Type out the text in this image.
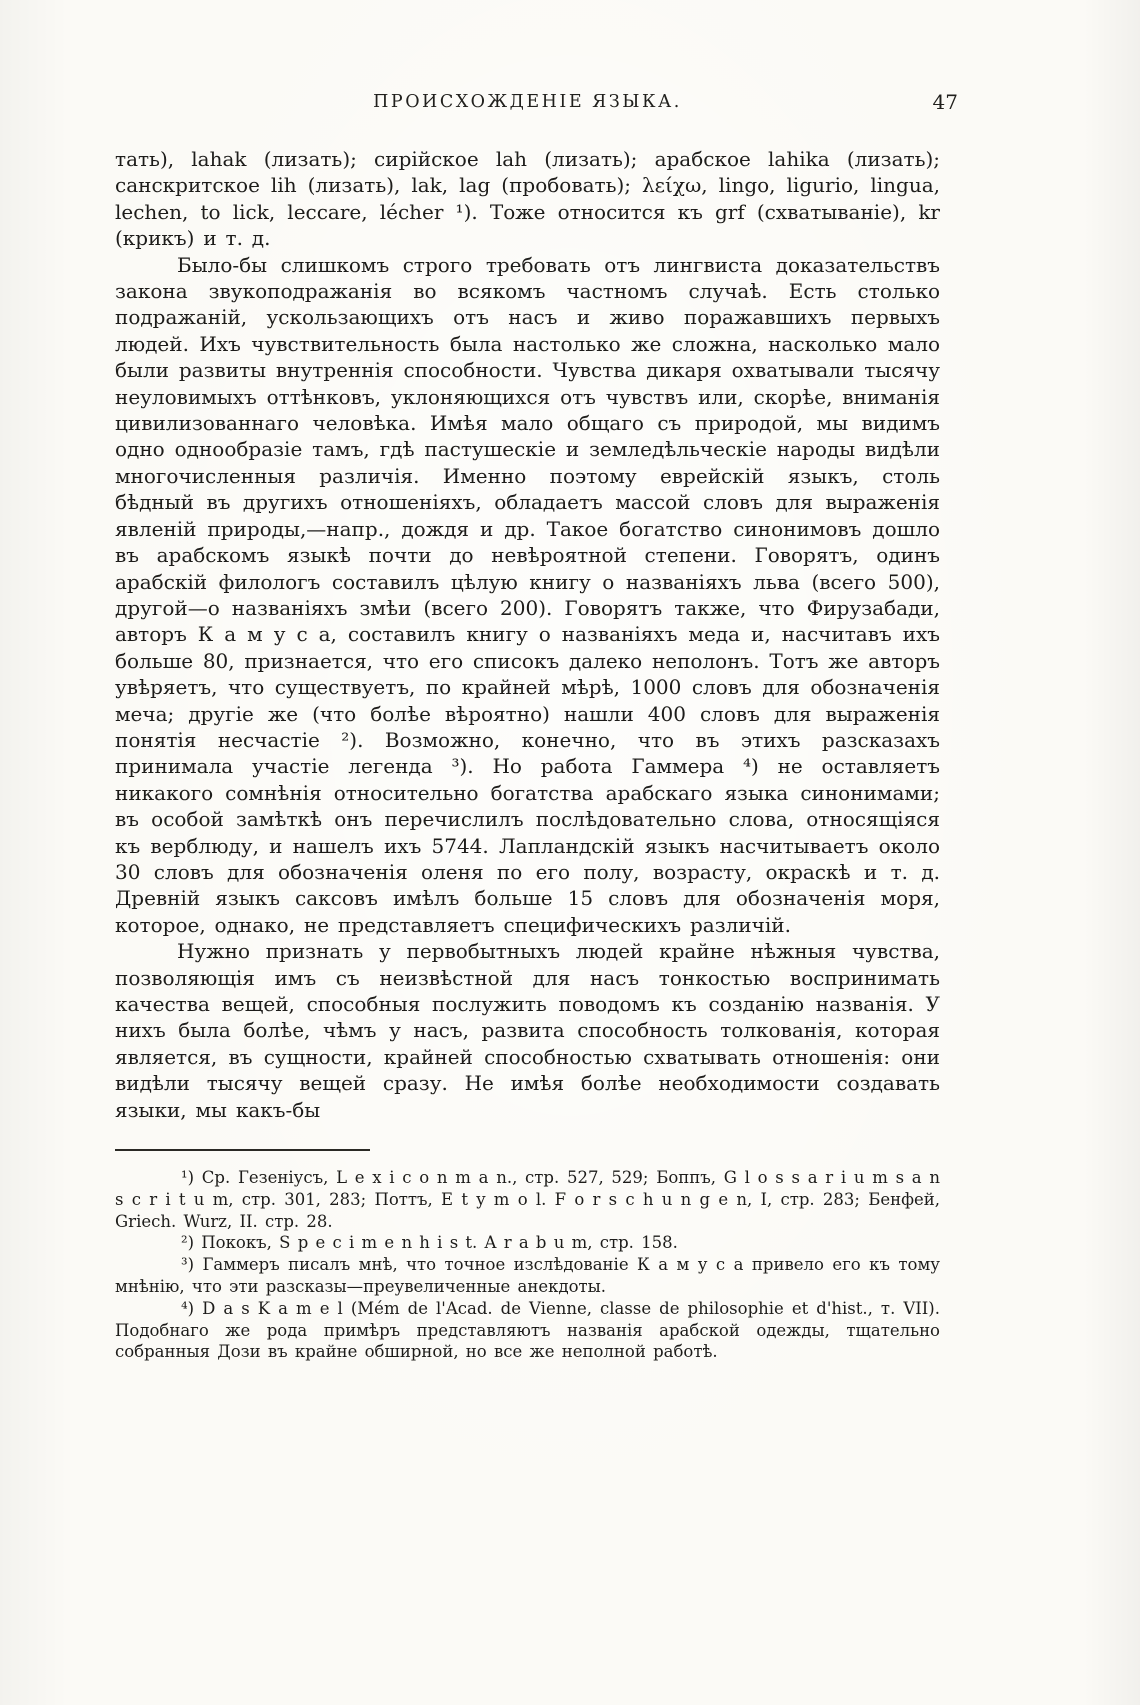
ПРОИСХОЖДЕНІЕ ЯЗЫКА.	47

тать), lahak (лизать); сирійское lah (лизать); арабское lahika (лизать); санскритское lih (лизать), lak, lag (пробовать); λείχω, lingo, ligurio, lingua, lechen, to lick, leccare, lécher ¹). Тоже относится къ grf (схватываніе), kr (крикъ) и т. д.

Было-бы слишкомъ строго требовать отъ лингвиста доказательствъ закона звукоподражанія во всякомъ частномъ случаѣ. Есть столько подражаній, ускользающихъ отъ насъ и живо поражавшихъ первыхъ людей. Ихъ чувствительность была настолько же сложна, насколько мало были развиты внутреннія способности. Чувства дикаря охватывали тысячу неуловимыхъ оттѣнковъ, уклоняющихся отъ чувствъ или, скорѣе, вниманія цивилизованнаго человѣка. Имѣя мало общаго съ природой, мы видимъ одно однообразіе тамъ, гдѣ пастушескіе и земледѣльческіе народы видѣли многочисленныя различія. Именно поэтому еврейскій языкъ, столь бѣдный въ другихъ отношеніяхъ, обладаетъ массой словъ для выраженія явленій природы,—напр., дождя и др. Такое богатство синонимовъ дошло въ арабскомъ языкѣ почти до невѣроятной степени. Говорятъ, одинъ арабскій филологъ составилъ цѣлую книгу о названіяхъ льва (всего 500), другой—о названіяхъ змѣи (всего 200). Говорятъ также, что Фирузабади, авторъ К а м у с а, составилъ книгу о названіяхъ меда и, насчитавъ ихъ больше 80, признается, что его списокъ далеко неполонъ. Тотъ же авторъ увѣряетъ, что существуетъ, по крайней мѣрѣ, 1000 словъ для обозначенія меча; другіе же (что болѣе вѣроятно) нашли 400 словъ для выраженія понятія несчастіе ²). Возможно, конечно, что въ этихъ разсказахъ принимала участіе легенда ³). Но работа Гаммера ⁴) не оставляетъ никакого сомнѣнія относительно богатства арабскаго языка синонимами; въ особой замѣткѣ онъ перечислилъ послѣдовательно слова, относящіяся къ верблюду, и нашелъ ихъ 5744. Лапландскій языкъ насчитываетъ около 30 словъ для обозначенія оленя по его полу, возрасту, окраскѣ и т. д. Древній языкъ саксовъ имѣлъ больше 15 словъ для обозначенія моря, которое, однако, не представляетъ специфическихъ различій.

Нужно признать у первобытныхъ людей крайне нѣжныя чувства, позволяющія имъ съ неизвѣстной для насъ тонкостью воспринимать качества вещей, способныя послужить поводомъ къ созданію названія. У нихъ была болѣе, чѣмъ у насъ, развита способность толкованія, которая является, въ сущности, крайней способностью схватывать отношенія: они видѣли тысячу вещей сразу. Не имѣя болѣе необходимости создавать языки, мы какъ-бы

¹) Ср. Гезеніусъ, L e x i c o n m a n., стр. 527, 529; Боппъ, G l o s s a r i u m s a n s c r i t u m, стр. 301, 283; Поттъ, E t y m o l. F o r s c h u n g e n, I, стр. 283; Бенфей, Griech. Wurz, II. стр. 28.

²) Пококъ, S p e c i m e n h i s t. A r a b u m, стр. 158.

³) Гаммеръ писалъ мнѣ, что точное изслѣдованіе К а м у с а привело его къ тому мнѣнію, что эти разсказы—преувеличенные анекдоты.

⁴) D a s K a m e l (Mém de l'Acad. de Vienne, classe de philosophie et d'hist., т. VII). Подобнаго же рода примѣръ представляютъ названія арабской одежды, тщательно собранныя Дози въ крайне обширной, но все же неполной работѣ.
